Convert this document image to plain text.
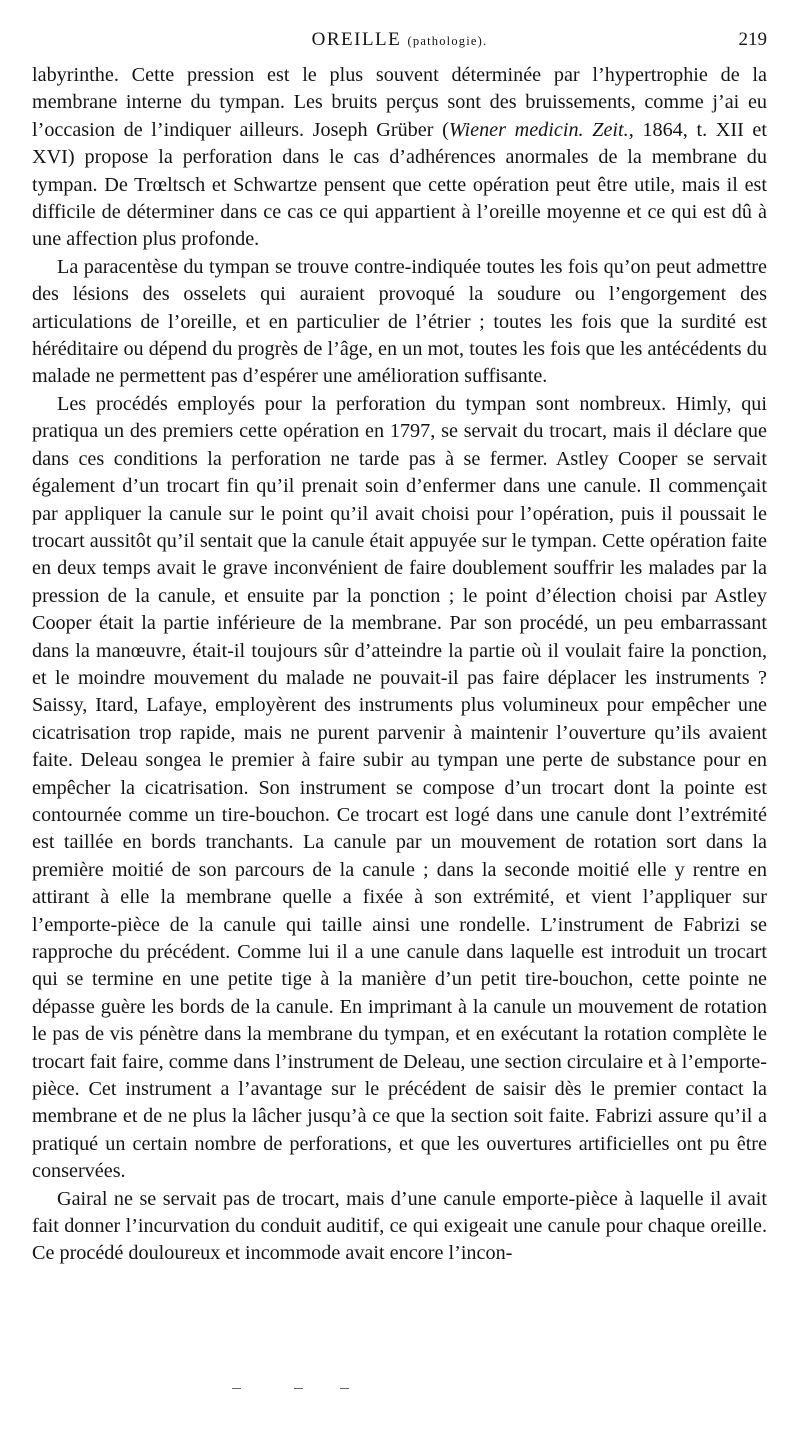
OREILLE (pathologie).	219

labyrinthe. Cette pression est le plus souvent déterminée par l’hypertrophie de la membrane interne du tympan. Les bruits perçus sont des bruissements, comme j’ai eu l’occasion de l’indiquer ailleurs. Joseph Grüber (Wiener medicin. Zeit., 1864, t. XII et XVI) propose la perforation dans le cas d’adhérences anormales de la membrane du tympan. De Trœltsch et Schwartze pensent que cette opération peut être utile, mais il est difficile de déterminer dans ce cas ce qui appartient à l’oreille moyenne et ce qui est dû à une affection plus profonde.

La paracentèse du tympan se trouve contre-indiquée toutes les fois qu’on peut admettre des lésions des osselets qui auraient provoqué la soudure ou l’engorgement des articulations de l’oreille, et en particulier de l’étrier ; toutes les fois que la surdité est héréditaire ou dépend du progrès de l’âge, en un mot, toutes les fois que les antécédents du malade ne permettent pas d’espérer une amélioration suffisante.

Les procédés employés pour la perforation du tympan sont nombreux. Himly, qui pratiqua un des premiers cette opération en 1797, se servait du trocart, mais il déclare que dans ces conditions la perforation ne tarde pas à se fermer. Astley Cooper se servait également d’un trocart fin qu’il prenait soin d’enfermer dans une canule. Il commençait par appliquer la canule sur le point qu’il avait choisi pour l’opération, puis il poussait le trocart aussitôt qu’il sentait que la canule était appuyée sur le tympan. Cette opération faite en deux temps avait le grave inconvénient de faire doublement souffrir les malades par la pression de la canule, et ensuite par la ponction ; le point d’élection choisi par Astley Cooper était la partie inférieure de la membrane. Par son procédé, un peu embarrassant dans la manœuvre, était-il toujours sûr d’atteindre la partie où il voulait faire la ponction, et le moindre mouvement du malade ne pouvait-il pas faire déplacer les instruments ? Saissy, Itard, Lafaye, employèrent des instruments plus volumineux pour empêcher une cicatrisation trop rapide, mais ne purent parvenir à maintenir l’ouverture qu’ils avaient faite. Deleau songea le premier à faire subir au tympan une perte de substance pour en empêcher la cicatrisation. Son instrument se compose d’un trocart dont la pointe est contournée comme un tire-bouchon. Ce trocart est logé dans une canule dont l’extrémité est taillée en bords tranchants. La canule par un mouvement de rotation sort dans la première moitié de son parcours de la canule ; dans la seconde moitié elle y rentre en attirant à elle la membrane quelle a fixée à son extrémité, et vient l’appliquer sur l’emporte-pièce de la canule qui taille ainsi une rondelle. L’instrument de Fabrizi se rapproche du précédent. Comme lui il a une canule dans laquelle est introduit un trocart qui se termine en une petite tige à la manière d’un petit tire-bouchon, cette pointe ne dépasse guère les bords de la canule. En imprimant à la canule un mouvement de rotation le pas de vis pénètre dans la membrane du tympan, et en exécutant la rotation complète le trocart fait faire, comme dans l’instrument de Deleau, une section circulaire et à l’emporte-pièce. Cet instrument a l’avantage sur le précédent de saisir dès le premier contact la membrane et de ne plus la lâcher jusqu’à ce que la section soit faite. Fabrizi assure qu’il a pratiqué un certain nombre de perforations, et que les ouvertures artificielles ont pu être conservées.

Gairal ne se servait pas de trocart, mais d’une canule emporte-pièce à laquelle il avait fait donner l’incurvation du conduit auditif, ce qui exigeait une canule pour chaque oreille. Ce procédé douloureux et incommode avait encore l’incon-
